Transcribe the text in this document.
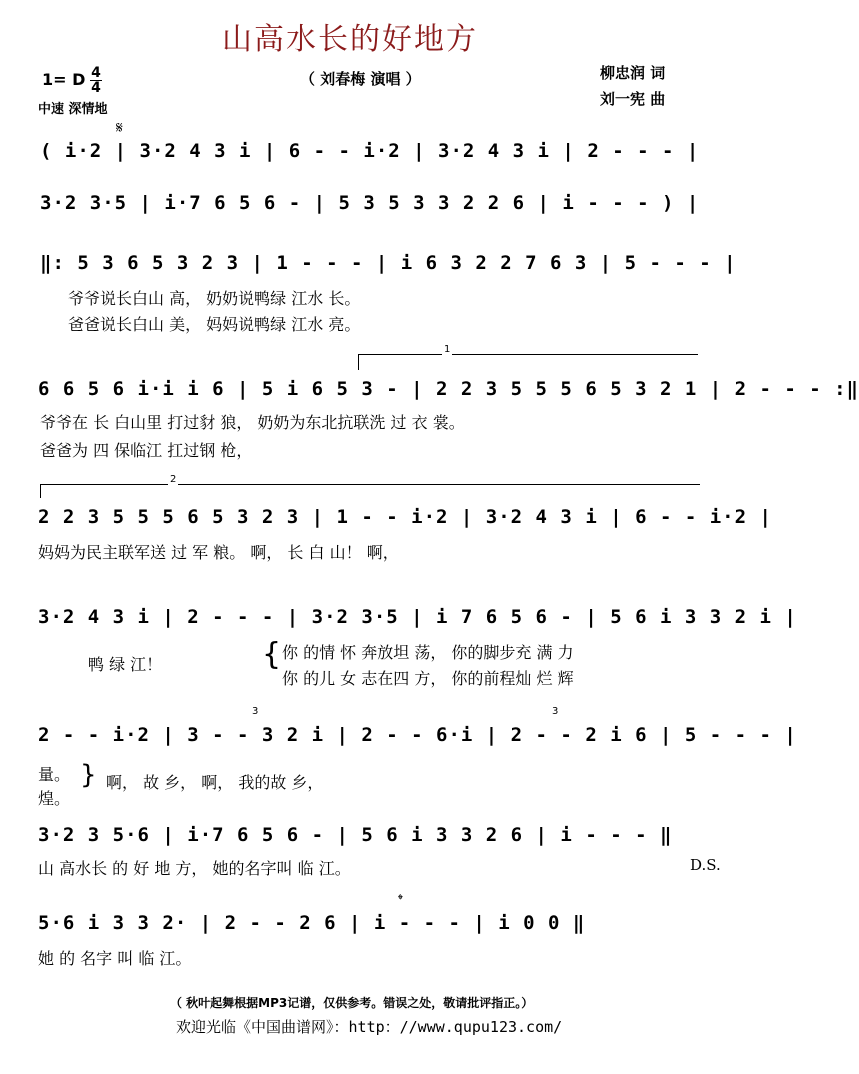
山高水长的好地方
（ 刘春梅 演唱 ）	柳忠润 词
刘一宪 曲
1= D $\frac{4}{4}$
中速 深情地
𝄋
( i·2 | 3·2 4 3 i | 6 - - i·2 | 3·2 4 3 i | 2 - - - |
3·2 3·5 | i·7 6 5 6 - | 5 3 5 3 3 2 2 6 | i - - - ) |
‖: 5 3 6 5 3 2 3 | 1 - - - | i 6 3 2 2 7 6 3 | 5 - - - |
爷爷说长白山 高， 奶奶说鸭绿 江水 长。
爸爸说长白山 美， 妈妈说鸭绿 江水 亮。
1
6 6 5 6 i·i i 6 | 5 i 6 5 3 - | 2 2 3 5 5 5 6 5 3 2 1 | 2 - - - :‖
爷爷在 长 白山里 打过豺 狼， 奶奶为东北抗联洗 过 衣 裳。
爸爸为 四 保临江 扛过钢 枪，
2
2 2 3 5 5 5 6 5 3 2 3 | 1 - - i·2 | 3·2 4 3 i | 6 - - i·2 |
妈妈为民主联军送 过 军 粮。 啊， 长 白 山！ 啊，
3·2 4 3 i | 2 - - - | 3·2 3·5 | i 7 6 5 6 - | 5 6 i 3 3 2 i |
鸭 绿 江！	{ 你 的情 怀 奔放坦 荡， 你的脚步充 满 力
你 的儿 女 志在四 方， 你的前程灿 烂 辉
3	3
2 - - i·2 | 3 - - 3 2 i | 2 - - 6·i | 2 - - 2 i 6 | 5 - - - |
量。
煌。
} 啊， 故 乡， 啊， 我的故 乡，
3·2 3 5·6 | i·7 6 5 6 - | 5 6 i 3 3 2 6 | i - - - ‖
山 高水长 的 好 地 方， 她的名字叫 临 江。	D.S.
𝄌
5·6 i 3 3 2· | 2 - - 2 6 | i - - - | i 0 0 ‖
她 的 名字 叫 临 江。
（ 秋叶起舞根据MP3记谱，仅供参考。错误之处，敬请批评指正。）
欢迎光临《中国曲谱网》：http：//www.qupu123.com/
